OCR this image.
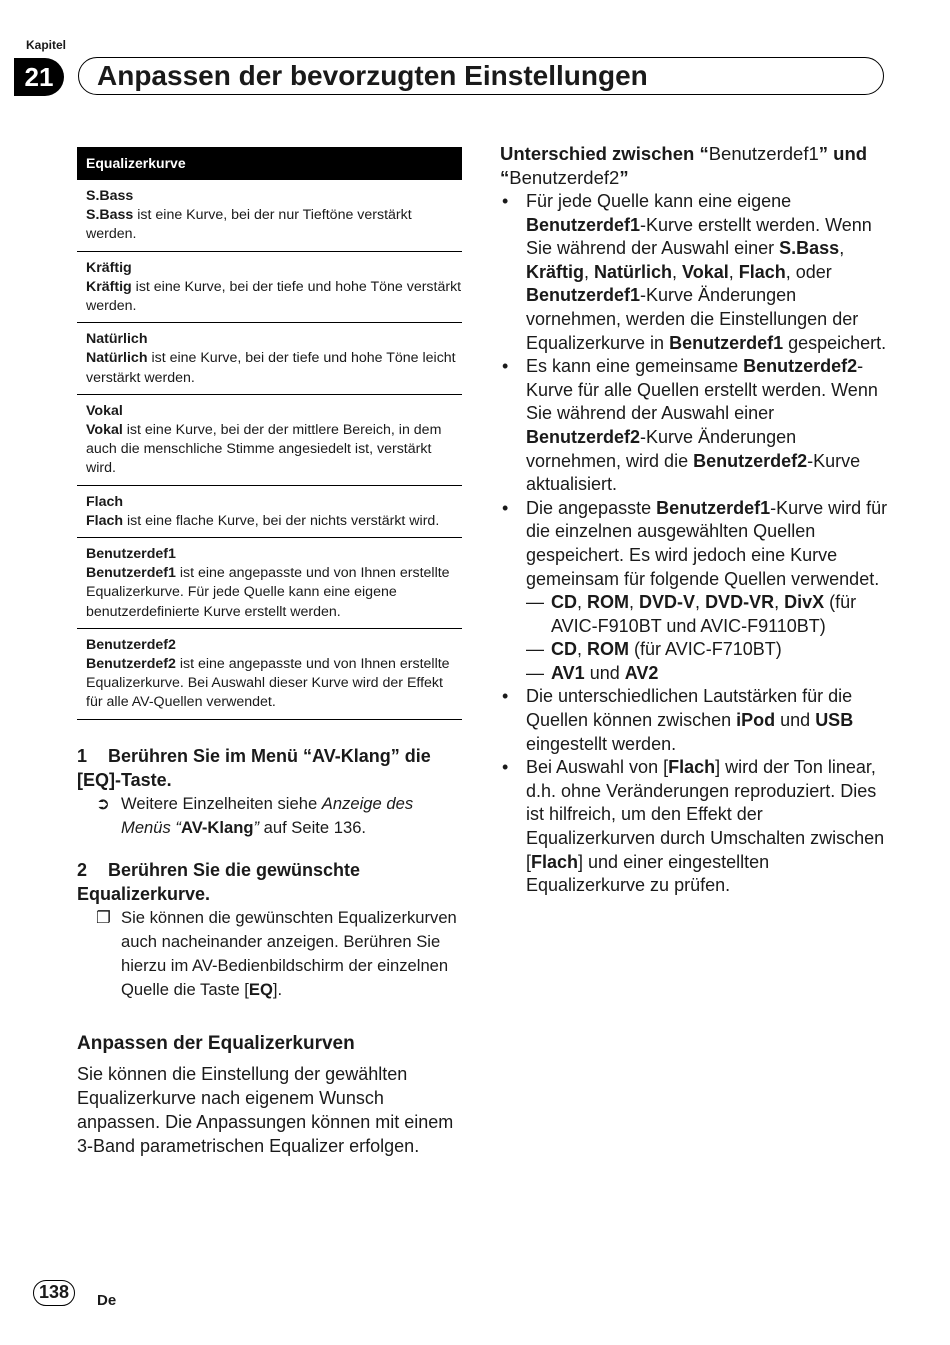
Kapitel
21	Anpassen der bevorzugten Einstellungen
Equalizerkurve
S.Bass
S.Bass ist eine Kurve, bei der nur Tieftöne verstärkt werden.
Kräftig
Kräftig ist eine Kurve, bei der tiefe und hohe Töne verstärkt werden.
Natürlich
Natürlich ist eine Kurve, bei der tiefe und hohe Töne leicht verstärkt werden.
Vokal
Vokal ist eine Kurve, bei der der mittlere Bereich, in dem auch die menschliche Stimme angesiedelt ist, verstärkt wird.
Flach
Flach ist eine flache Kurve, bei der nichts verstärkt wird.
Benutzerdef1
Benutzerdef1 ist eine angepasste und von Ihnen erstellte Equalizerkurve. Für jede Quelle kann eine eigene benutzerdefinierte Kurve erstellt werden.
Benutzerdef2
Benutzerdef2 ist eine angepasste und von Ihnen erstellte Equalizerkurve. Bei Auswahl dieser Kurve wird der Effekt für alle AV-Quellen verwendet.
1 Berühren Sie im Menü “AV-Klang” die [EQ]-Taste.
➲ Weitere Einzelheiten siehe Anzeige des Menüs “AV-Klang” auf Seite 136.
2 Berühren Sie die gewünschte Equalizerkurve.
❐ Sie können die gewünschten Equalizerkurven auch nacheinander anzeigen. Berühren Sie hierzu im AV-Bedienbildschirm der einzelnen Quelle die Taste [EQ].
Anpassen der Equalizerkurven
Sie können die Einstellung der gewählten Equalizerkurve nach eigenem Wunsch anpassen. Die Anpassungen können mit einem 3-Band parametrischen Equalizer erfolgen.
Unterschied zwischen “Benutzerdef1” und “Benutzerdef2”
• Für jede Quelle kann eine eigene Benutzerdef1-Kurve erstellt werden. Wenn Sie während der Auswahl einer S.Bass, Kräftig, Natürlich, Vokal, Flach, oder Benutzerdef1-Kurve Änderungen vornehmen, werden die Einstellungen der Equalizerkurve in Benutzerdef1 gespeichert.
• Es kann eine gemeinsame Benutzerdef2-Kurve für alle Quellen erstellt werden. Wenn Sie während der Auswahl einer Benutzerdef2-Kurve Änderungen vornehmen, wird die Benutzerdef2-Kurve aktualisiert.
• Die angepasste Benutzerdef1-Kurve wird für die einzelnen ausgewählten Quellen gespeichert. Es wird jedoch eine Kurve gemeinsam für folgende Quellen verwendet.
— CD, ROM, DVD-V, DVD-VR, DivX (für AVIC-F910BT und AVIC-F9110BT)
— CD, ROM (für AVIC-F710BT)
— AV1 und AV2
• Die unterschiedlichen Lautstärken für die Quellen können zwischen iPod und USB eingestellt werden.
• Bei Auswahl von [Flach] wird der Ton linear, d.h. ohne Veränderungen reproduziert. Dies ist hilfreich, um den Effekt der Equalizerkurven durch Umschalten zwischen [Flach] und einer eingestellten Equalizerkurve zu prüfen.
138	De
